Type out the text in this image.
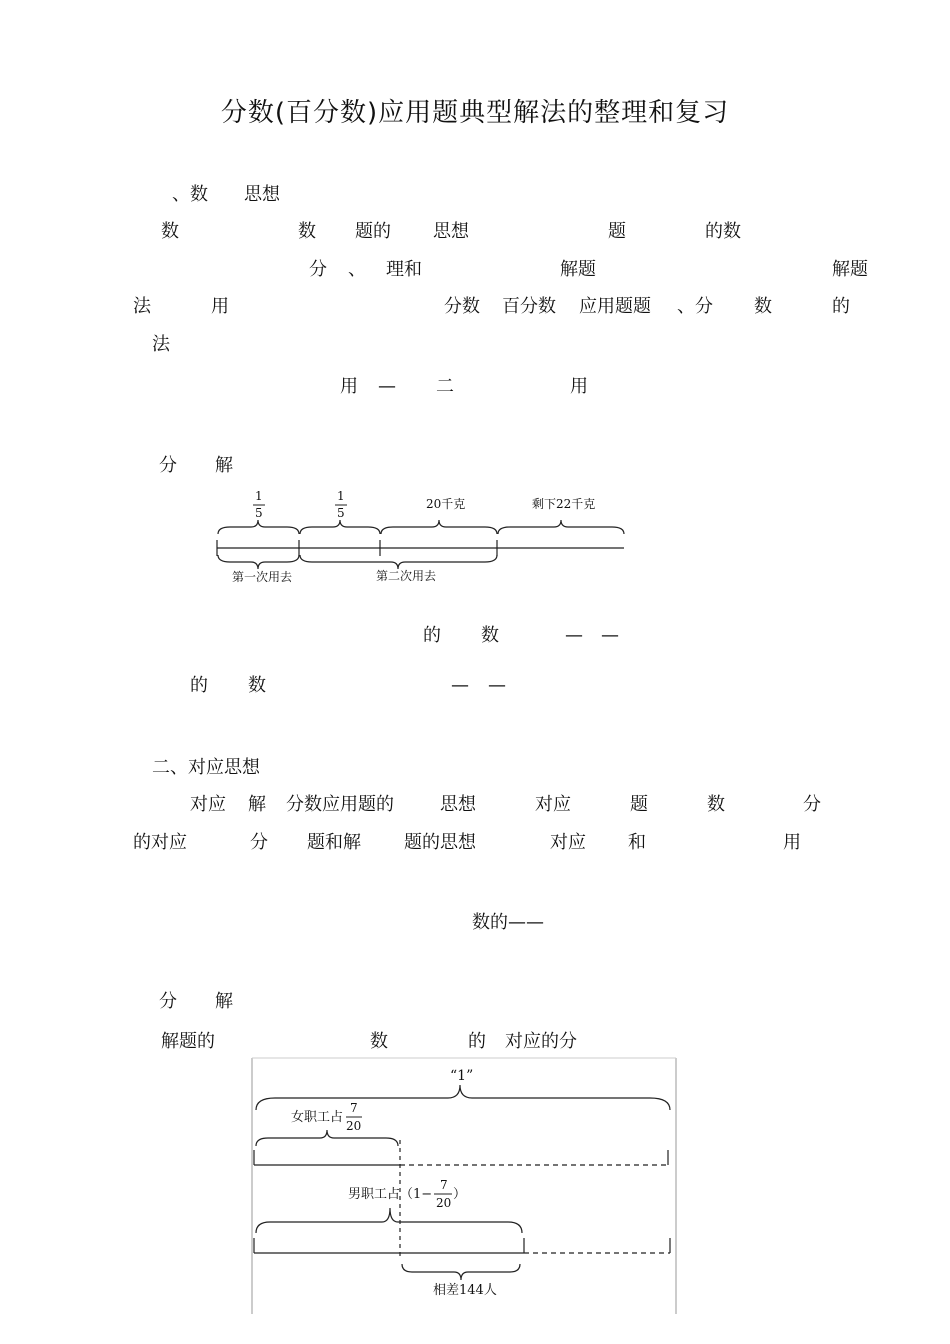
分数(百分数)应用题典型解法的整理和复习
、数　　思想
数	数 题的 思想	题	的数
分 、 理和	解题	解题
法	用	分数 百分数 应用题题 、分 数	的
法
用 — 二	用
分 解
1
5
1
5
20千克	剩下22千克
第一次用去	第二次用去
的 数	— —
的 数	— —
二、对应思想
对应 解 分数应用题的	思想	对应	题	数	分
的对应	分 题和解 题的思想	对应 和	用
数的——
分 解
解题的	数	的 对应的分
“1”
女职工占
7
20
男职工占（1−
7
20
）
相差144人
